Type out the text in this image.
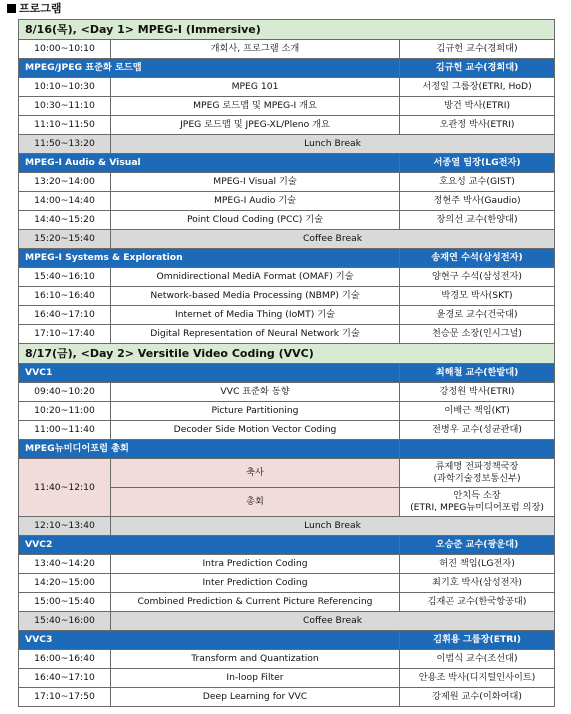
프로그램
8/16(목), <Day 1> MPEG-I (Immersive)		
10:00~10:10	개회사, 프로그램 소개	김규헌 교수(경희대)
MPEG/JPEG 표준화 로드맵		김규헌 교수(경희대)
10:10~10:30	MPEG 101	서정일 그룹장(ETRI, HoD)
10:30~11:10	MPEG 로드맵 및 MPEG-I 개요	방건 박사(ETRI)
11:10~11:50	JPEG 로드맵 및 JPEG-XL/Pleno 개요	오관정 박사(ETRI)
11:50~13:20	Lunch Break	
MPEG-I Audio & Visual		서종열 팀장(LG전자)
13:20~14:00	MPEG-I Visual 기술	호요성 교수(GIST)
14:00~14:40	MPEG-I Audio 기술	정현주 박사(Gaudio)
14:40~15:20	Point Cloud Coding (PCC) 기술	장의선 교수(한양대)
15:20~15:40	Coffee Break	
MPEG-I Systems & Exploration		송재연 수석(삼성전자)
15:40~16:10	Omnidirectional MediA Format (OMAF) 기술	양현구 수석(삼성전자)
16:10~16:40	Network-based Media Processing (NBMP) 기술	박경모 박사(SKT)
16:40~17:10	Internet of Media Thing (IoMT) 기술	윤경로 교수(건국대)
17:10~17:40	Digital Representation of Neural Network 기술	천승문 소장(인시그널)
8/17(금), <Day 2> Versitile Video Coding (VVC)		
VVC1		최해철 교수(한밭대)
09:40~10:20	VVC 표준화 동향	강정원 박사(ETRI)
10:20~11:00	Picture Partitioning	이배근 책임(KT)
11:00~11:40	Decoder Side Motion Vector Coding	전병우 교수(성균관대)
MPEG뉴미디어포럼 총회		
11:40~12:10	축사	류제명 전파정책국장
(과학기술정보통신부)

	총회	안치득 소장
(ETRI, MPEG뉴미디어포럼 의장)

12:10~13:40	Lunch Break	
VVC2		오승준 교수(광운대)
13:40~14:20	Intra Prediction Coding	허진 책임(LG전자)
14:20~15:00	Inter Prediction Coding	최기호 박사(삼성전자)
15:00~15:40	Combined Prediction & Current Picture Referencing	김재곤 교수(한국항공대)
15:40~16:00	Coffee Break	
VVC3		김휘용 그룹장(ETRI)
16:00~16:40	Transform and Quantization	이범식 교수(조선대)
16:40~17:10	In-loop Filter	안용조 박사(디지털인사이트)
17:10~17:50	Deep Learning for VVC	강제원 교수(이화여대)
